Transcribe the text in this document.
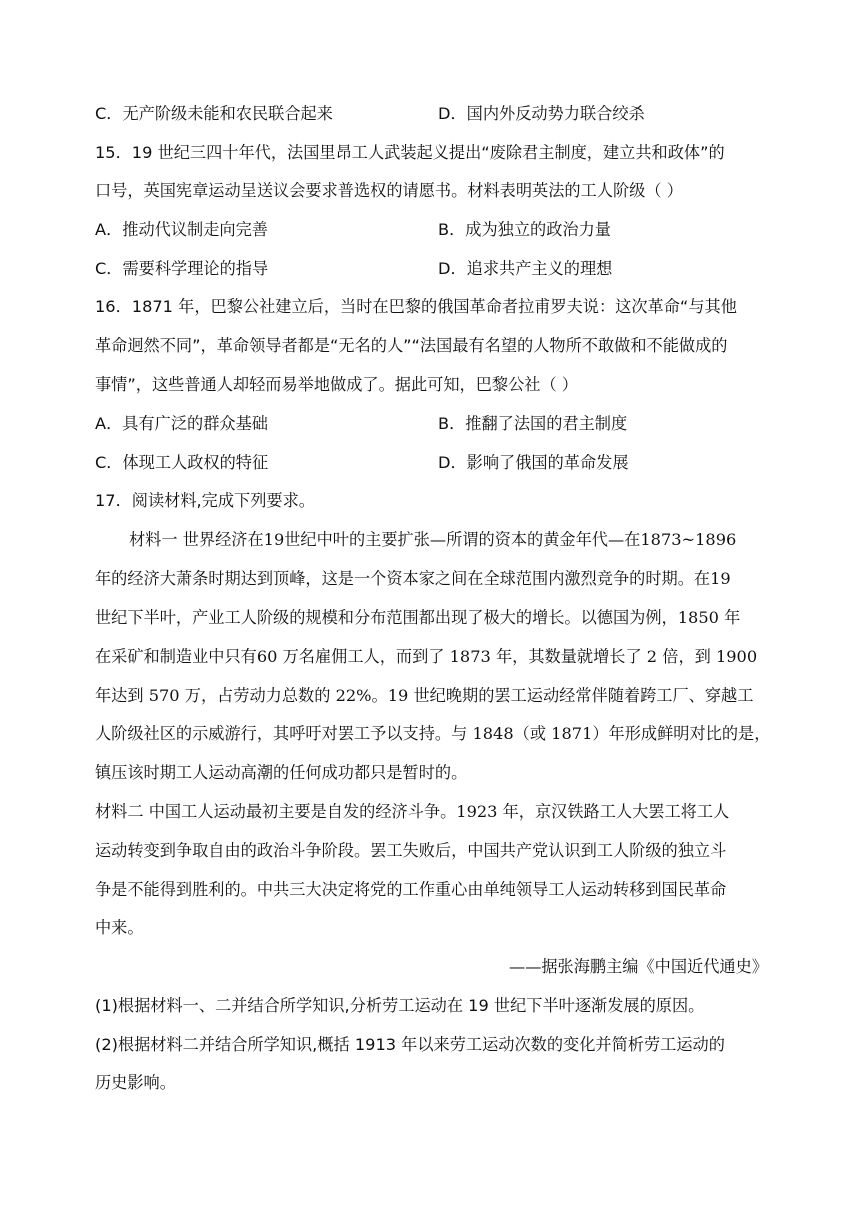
C．无产阶级未能和农民联合起来	D．国内外反动势力联合绞杀
15．19 世纪三四十年代，法国里昂工人武装起义提出“废除君主制度，建立共和政体”的
口号，英国宪章运动呈送议会要求普选权的请愿书。材料表明英法的工人阶级（ ）
A．推动代议制走向完善	B．成为独立的政治力量
C．需要科学理论的指导	D．追求共产主义的理想
16．1871 年，巴黎公社建立后，当时在巴黎的俄国革命者拉甫罗夫说：这次革命“与其他
革命迥然不同”，革命领导者都是“无名的人”“法国最有名望的人物所不敢做和不能做成的
事情”，这些普通人却轻而易举地做成了。据此可知，巴黎公社（ ）
A．具有广泛的群众基础	B．推翻了法国的君主制度
C．体现工人政权的特征	D．影响了俄国的革命发展
17．阅读材料,完成下列要求。
材料一 世界经济在19世纪中叶的主要扩张—所谓的资本的黄金年代—在1873~1896
年的经济大萧条时期达到顶峰，这是一个资本家之间在全球范围内激烈竞争的时期。在19
世纪下半叶，产业工人阶级的规模和分布范围都出现了极大的增长。以德国为例，1850 年
在采矿和制造业中只有60 万名雇佣工人，而到了 1873 年，其数量就增长了 2 倍，到 1900
年达到 570 万，占劳动力总数的 22%。19 世纪晚期的罢工运动经常伴随着跨工厂、穿越工
人阶级社区的示威游行，其呼吁对罢工予以支持。与 1848（或 1871）年形成鲜明对比的是，
镇压该时期工人运动高潮的任何成功都只是暂时的。
材料二 中国工人运动最初主要是自发的经济斗争。1923 年，京汉铁路工人大罢工将工人
运动转变到争取自由的政治斗争阶段。罢工失败后，中国共产党认识到工人阶级的独立斗
争是不能得到胜利的。中共三大决定将党的工作重心由单纯领导工人运动转移到国民革命
中来。
——据张海鹏主编《中国近代通史》
(1)根据材料一、二并结合所学知识,分析劳工运动在 19 世纪下半叶逐渐发展的原因。
(2)根据材料二并结合所学知识,概括 1913 年以来劳工运动次数的变化并简析劳工运动的
历史影响。
